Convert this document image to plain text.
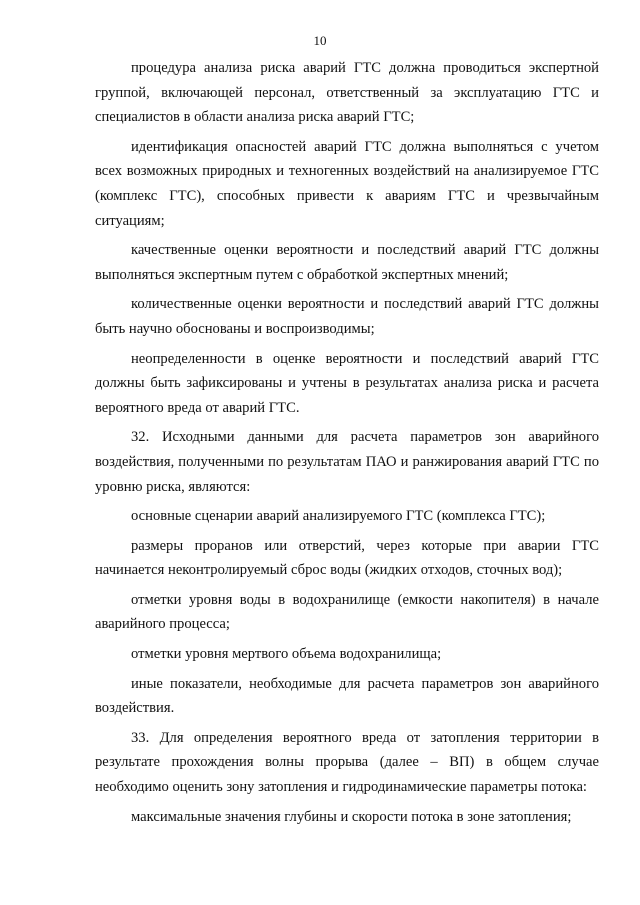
10

процедура анализа риска аварий ГТС должна проводиться экспертной группой, включающей персонал, ответственный за эксплуатацию ГТС и специалистов в области анализа риска аварий ГТС;

идентификация опасностей аварий ГТС должна выполняться с учетом всех возможных природных и техногенных воздействий на анализируемое ГТС (комплекс ГТС), способных привести к авариям ГТС и чрезвычайным ситуациям;

качественные оценки вероятности и последствий аварий ГТС должны выполняться экспертным путем с обработкой экспертных мнений;

количественные оценки вероятности и последствий аварий ГТС должны быть научно обоснованы и воспроизводимы;

неопределенности в оценке вероятности и последствий аварий ГТС должны быть зафиксированы и учтены в результатах анализа риска и расчета вероятного вреда от аварий ГТС.

32. Исходными данными для расчета параметров зон аварийного воздействия, полученными по результатам ПАО и ранжирования аварий ГТС по уровню риска, являются:

основные сценарии аварий анализируемого ГТС (комплекса ГТС);

размеры проранов или отверстий, через которые при аварии ГТС начинается неконтролируемый сброс воды (жидких отходов, сточных вод);

отметки уровня воды в водохранилище (емкости накопителя) в начале аварийного процесса;

отметки уровня мертвого объема водохранилища;

иные показатели, необходимые для расчета параметров зон аварийного воздействия.

33. Для определения вероятного вреда от затопления территории в результате прохождения волны прорыва (далее – ВП) в общем случае необходимо оценить зону затопления и гидродинамические параметры потока:

максимальные значения глубины и скорости потока в зоне затопления;
